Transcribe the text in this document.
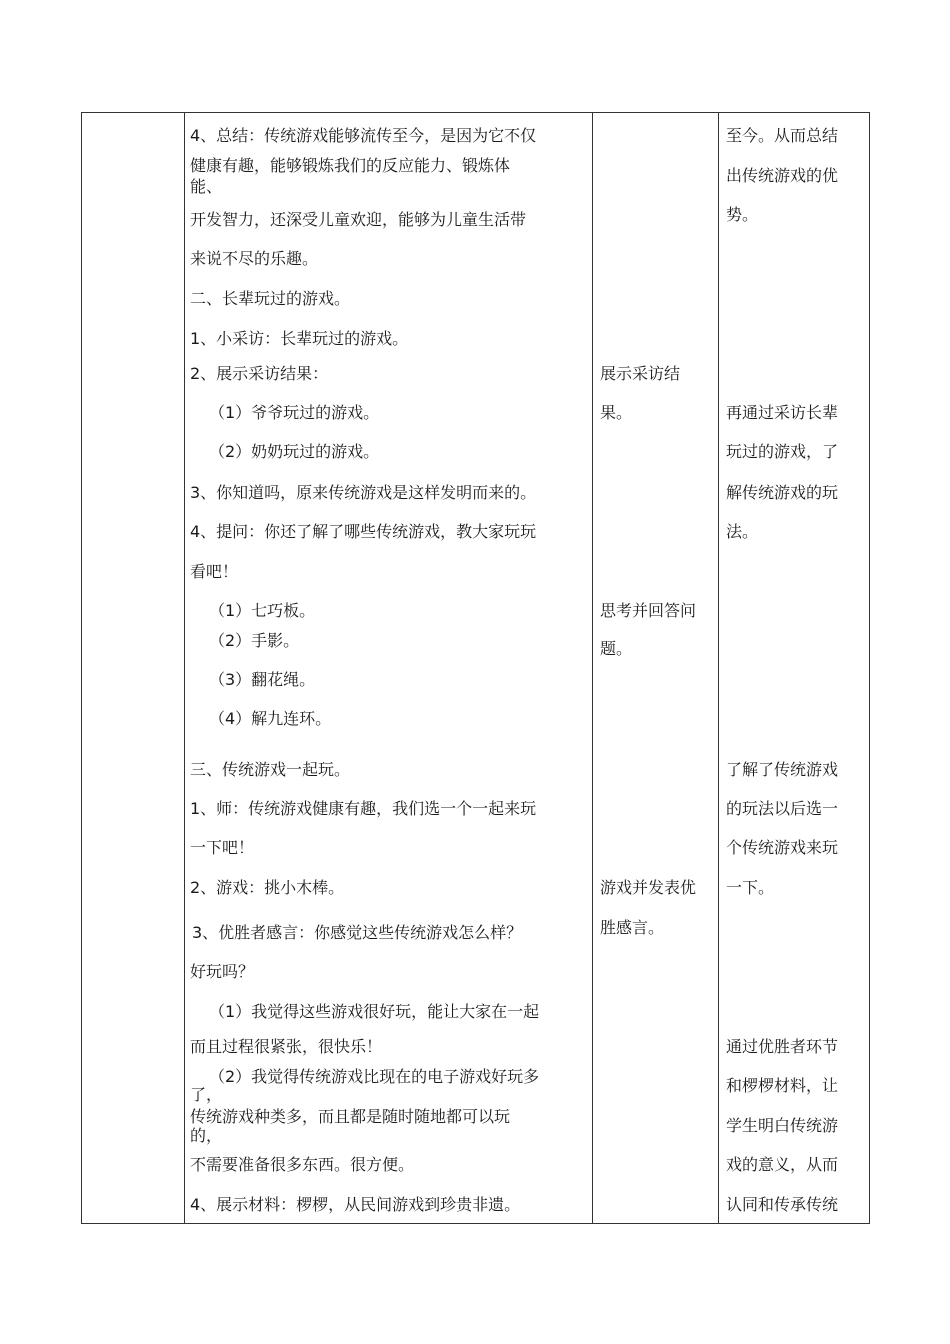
4、总结：传统游戏能够流传至今，是因为它不仅
健康有趣，能够锻炼我们的反应能力、锻炼体
能、
开发智力，还深受儿童欢迎，能够为儿童生活带
来说不尽的乐趣。
二、长辈玩过的游戏。
1、小采访：长辈玩过的游戏。
2、展示采访结果：
（1）爷爷玩过的游戏。
（2）奶奶玩过的游戏。
3、你知道吗，原来传统游戏是这样发明而来的。
4、提问：你还了解了哪些传统游戏，教大家玩玩
看吧！
（1）七巧板。
（2）手影。
（3）翻花绳。
（4）解九连环。
三、传统游戏一起玩。
1、师：传统游戏健康有趣，我们选一个一起来玩
一下吧！
2、游戏：挑小木棒。
3、优胜者感言：你感觉这些传统游戏怎么样？
好玩吗？
（1）我觉得这些游戏很好玩，能让大家在一起
而且过程很紧张，很快乐！
（2）我觉得传统游戏比现在的电子游戏好玩多
了，
传统游戏种类多，而且都是随时随地都可以玩
的，
不需要准备很多东西。很方便。
4、展示材料：椤椤，从民间游戏到珍贵非遗。
展示采访结
果。
思考并回答问
题。
游戏并发表优
胜感言。
至今。从而总结
出传统游戏的优
势。
再通过采访长辈
玩过的游戏，了
解传统游戏的玩
法。
了解了传统游戏
的玩法以后选一
个传统游戏来玩
一下。
通过优胜者环节
和椤椤材料，让
学生明白传统游
戏的意义，从而
认同和传承传统
